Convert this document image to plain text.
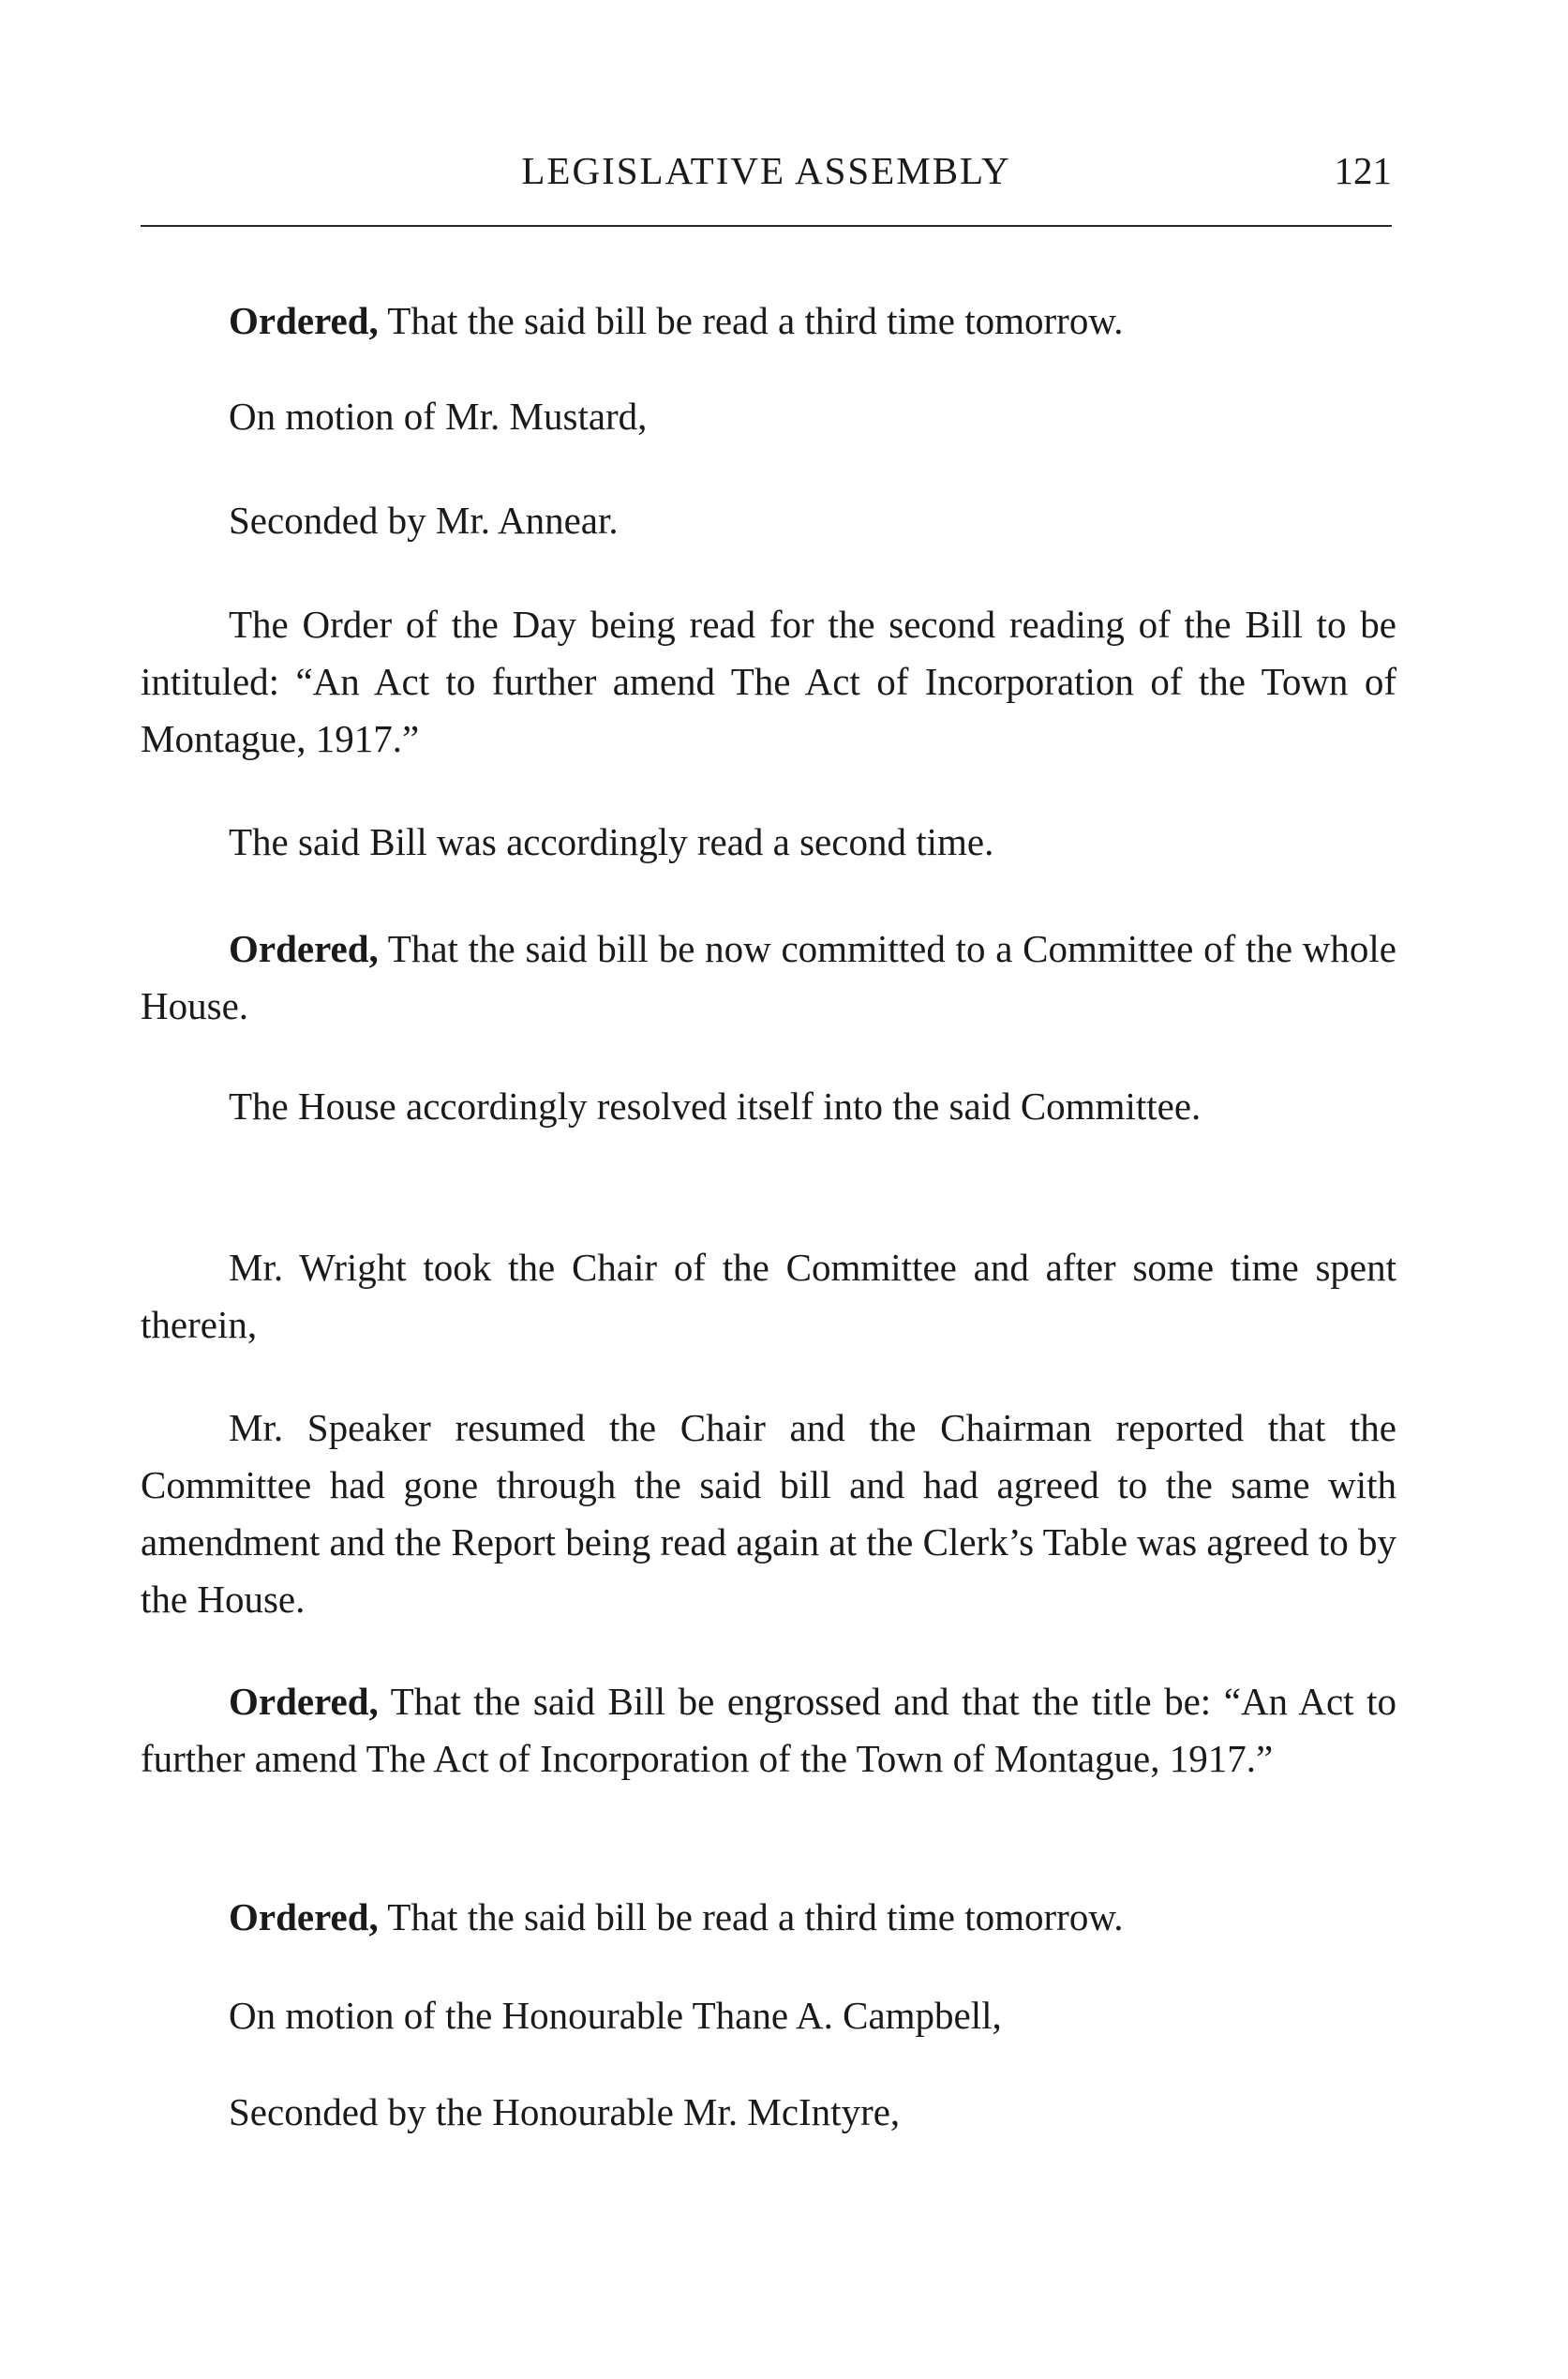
LEGISLATIVE ASSEMBLY	121

Ordered, That the said bill be read a third time tomorrow.

On motion of Mr. Mustard,

Seconded by Mr. Annear.

The Order of the Day being read for the second reading of the Bill to be intituled: “An Act to further amend The Act of Incorporation of the Town of Montague, 1917.”

The said Bill was accordingly read a second time.

Ordered, That the said bill be now committed to a Committee of the whole House.

The House accordingly resolved itself into the said Committee.

Mr. Wright took the Chair of the Committee and after some time spent therein,

Mr. Speaker resumed the Chair and the Chairman reported that the Committee had gone through the said bill and had agreed to the same with amendment and the Report being read again at the Clerk’s Table was agreed to by the House.

Ordered, That the said Bill be engrossed and that the title be: “An Act to further amend The Act of Incorporation of the Town of Montague, 1917.”

Ordered, That the said bill be read a third time tomorrow.

On motion of the Honourable Thane A. Campbell,

Seconded by the Honourable Mr. McIntyre,
